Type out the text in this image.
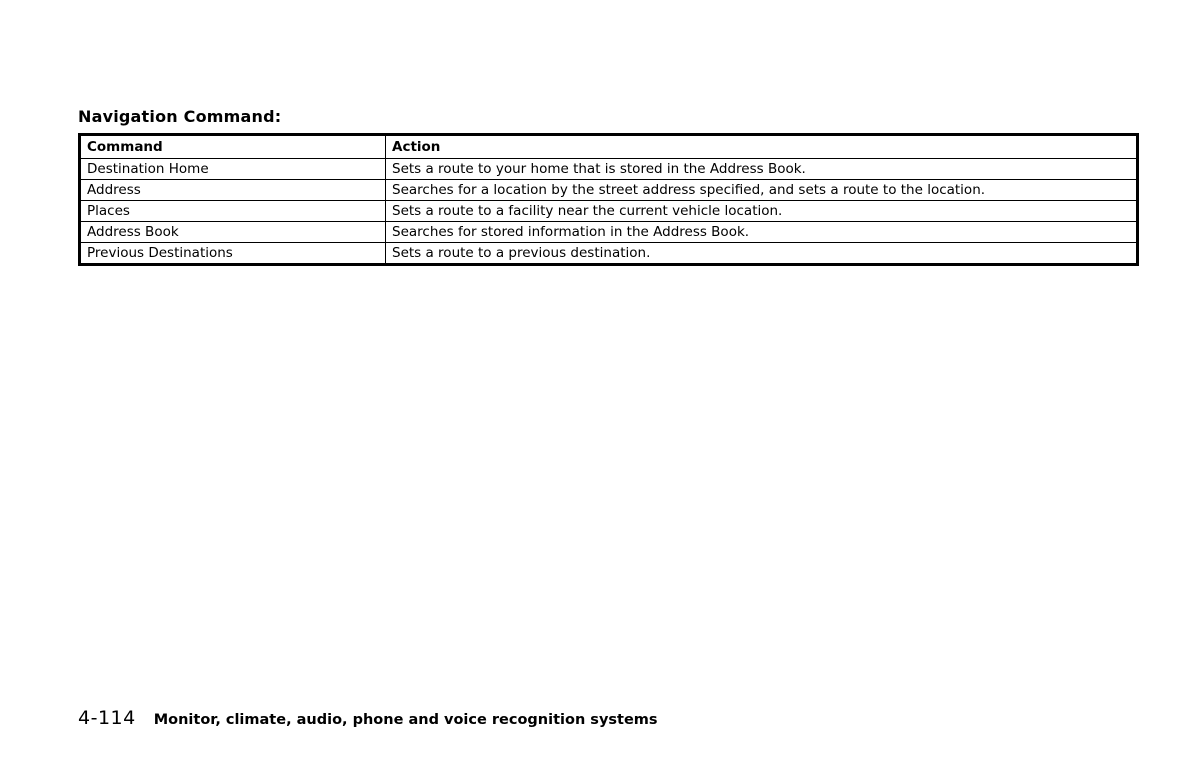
Navigation Command:
Command	Action
Destination Home	Sets a route to your home that is stored in the Address Book.
Address	Searches for a location by the street address specified, and sets a route to the location.
Places	Sets a route to a facility near the current vehicle location.
Address Book	Searches for stored information in the Address Book.
Previous Destinations	Sets a route to a previous destination.
4-114 Monitor, climate, audio, phone and voice recognition systems
